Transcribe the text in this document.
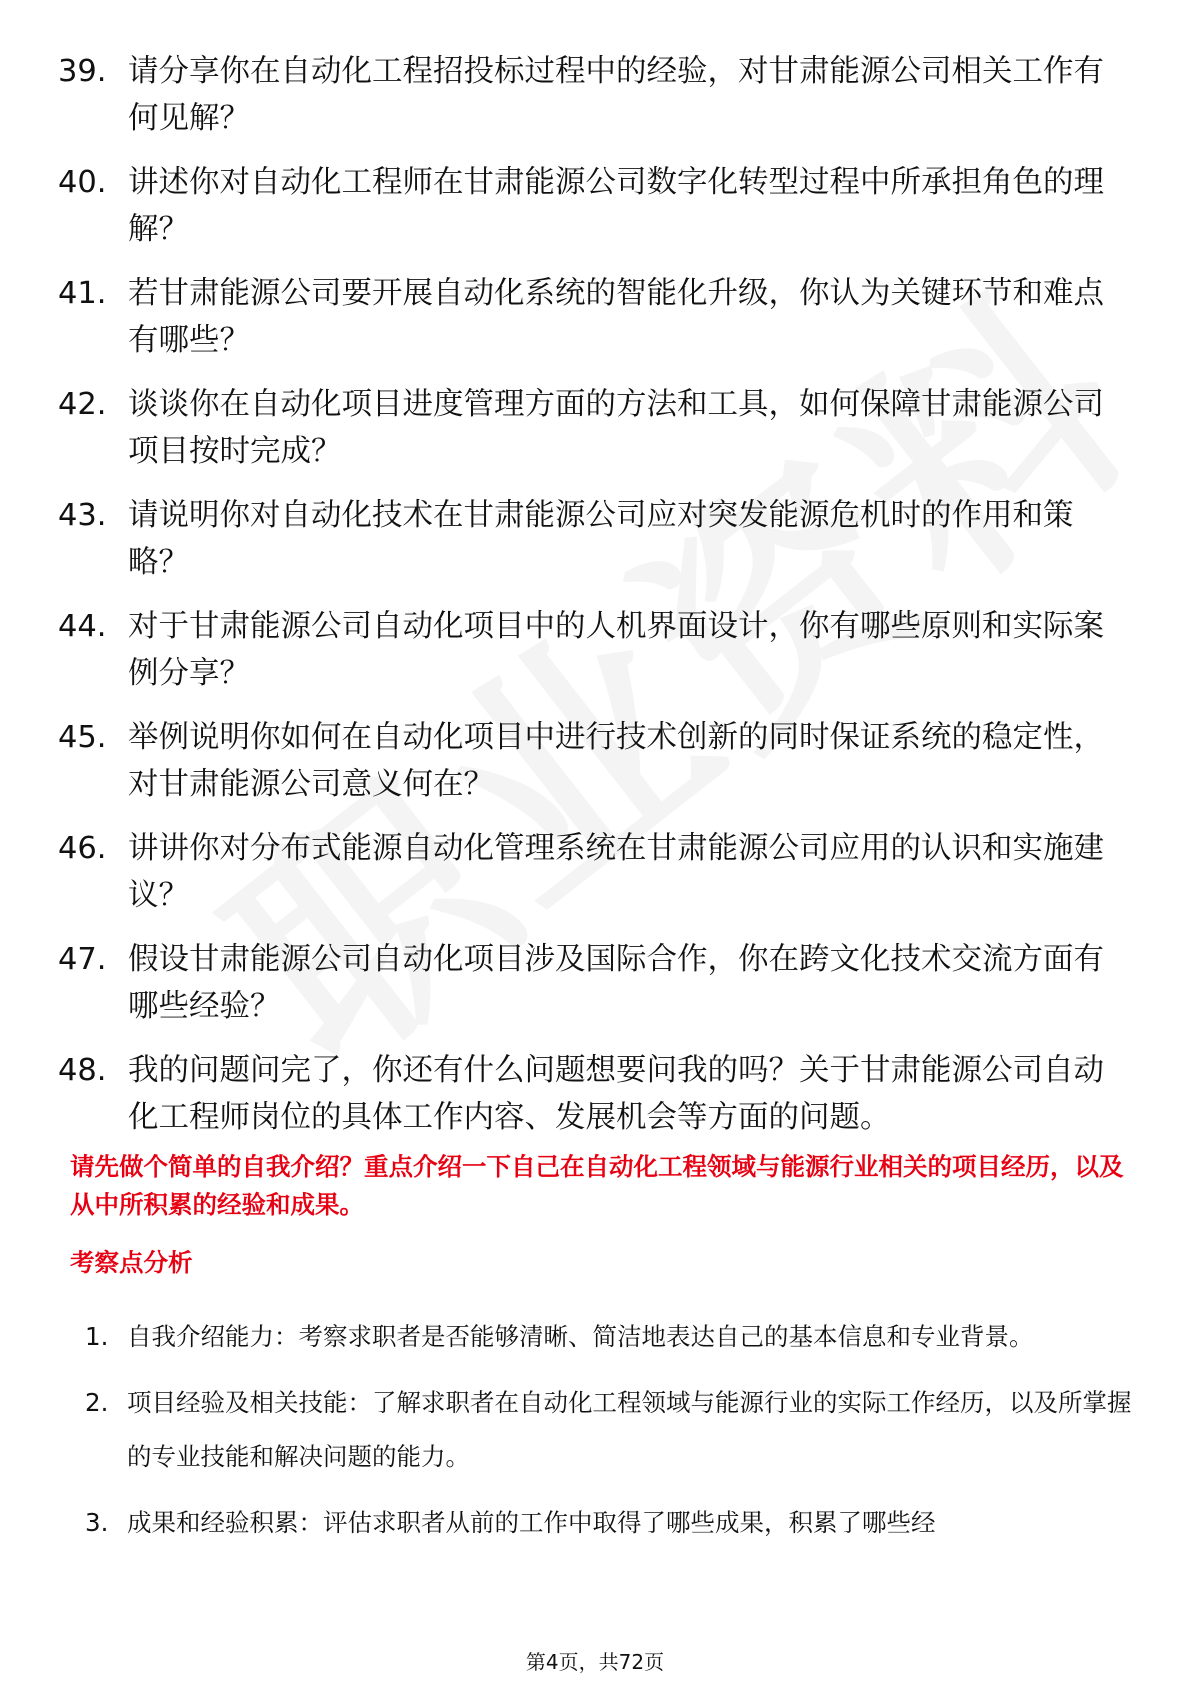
39. 请分享你在自动化工程招投标过程中的经验，对甘肃能源公司相关工作有何见解？
40. 讲述你对自动化工程师在甘肃能源公司数字化转型过程中所承担角色的理解？
41. 若甘肃能源公司要开展自动化系统的智能化升级，你认为关键环节和难点有哪些？
42. 谈谈你在自动化项目进度管理方面的方法和工具，如何保障甘肃能源公司项目按时完成？
43. 请说明你对自动化技术在甘肃能源公司应对突发能源危机时的作用和策略？
44. 对于甘肃能源公司自动化项目中的人机界面设计，你有哪些原则和实际案例分享？
45. 举例说明你如何在自动化项目中进行技术创新的同时保证系统的稳定性，对甘肃能源公司意义何在？
46. 讲讲你对分布式能源自动化管理系统在甘肃能源公司应用的认识和实施建议？
47. 假设甘肃能源公司自动化项目涉及国际合作，你在跨文化技术交流方面有哪些经验？
48. 我的问题问完了，你还有什么问题想要问我的吗？关于甘肃能源公司自动化工程师岗位的具体工作内容、发展机会等方面的问题。
请先做个简单的自我介绍？重点介绍一下自己在自动化工程领域与能源行业相关的项目经历，以及从中所积累的经验和成果。
考察点分析
1. 自我介绍能力：考察求职者是否能够清晰、简洁地表达自己的基本信息和专业背景。
2. 项目经验及相关技能：了解求职者在自动化工程领域与能源行业的实际工作经历，以及所掌握的专业技能和解决问题的能力。
3. 成果和经验积累：评估求职者从前的工作中取得了哪些成果，积累了哪些经
第4页，共72页
